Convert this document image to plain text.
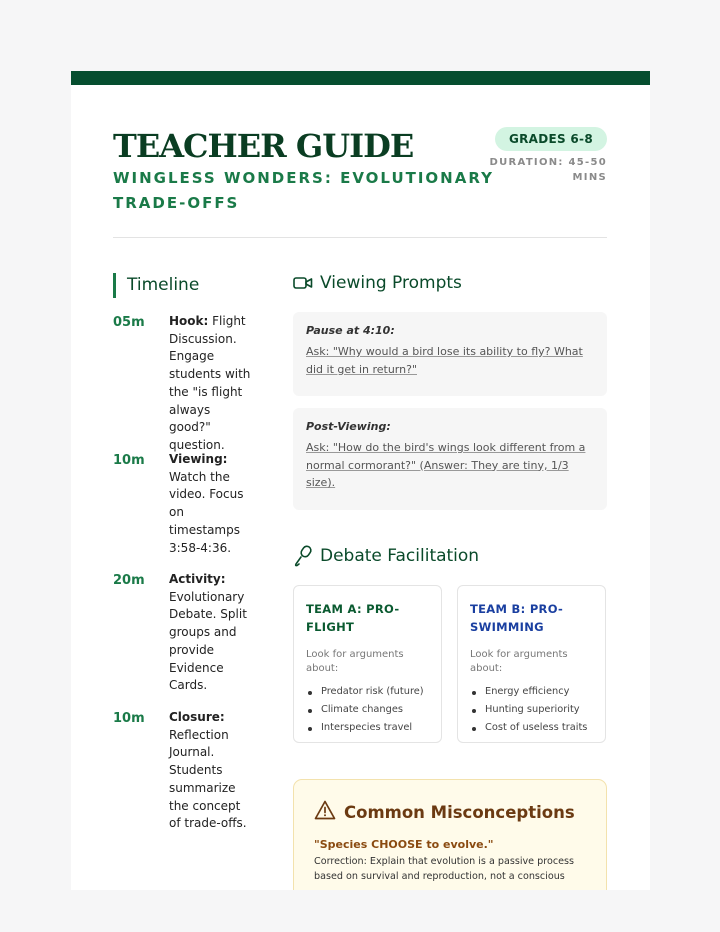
TEACHER GUIDE
WINGLESS WONDERS: EVOLUTIONARY TRADE-OFFS
GRADES 6-8
DURATION: 45-50 MINS
Timeline
05m Hook: Flight Discussion. Engage students with the "is flight always good?" question.
10m Viewing: Watch the video. Focus on timestamps 3:58-4:36.
20m Activity: Evolutionary Debate. Split groups and provide Evidence Cards.
10m Closure: Reflection Journal. Students summarize the concept of trade-offs.
Viewing Prompts
Pause at 4:10:
Ask: "Why would a bird lose its ability to fly? What did it get in return?"
Post-Viewing:
Ask: "How do the bird's wings look different from a normal cormorant?" (Answer: They are tiny, 1/3 size).
Debate Facilitation
TEAM A: PRO-FLIGHT
Look for arguments about:
Predator risk (future)
Climate changes
Interspecies travel
TEAM B: PRO-SWIMMING
Look for arguments about:
Energy efficiency
Hunting superiority
Cost of useless traits
Common Misconceptions
"Species CHOOSE to evolve."
Correction: Explain that evolution is a passive process based on survival and reproduction, not a conscious
